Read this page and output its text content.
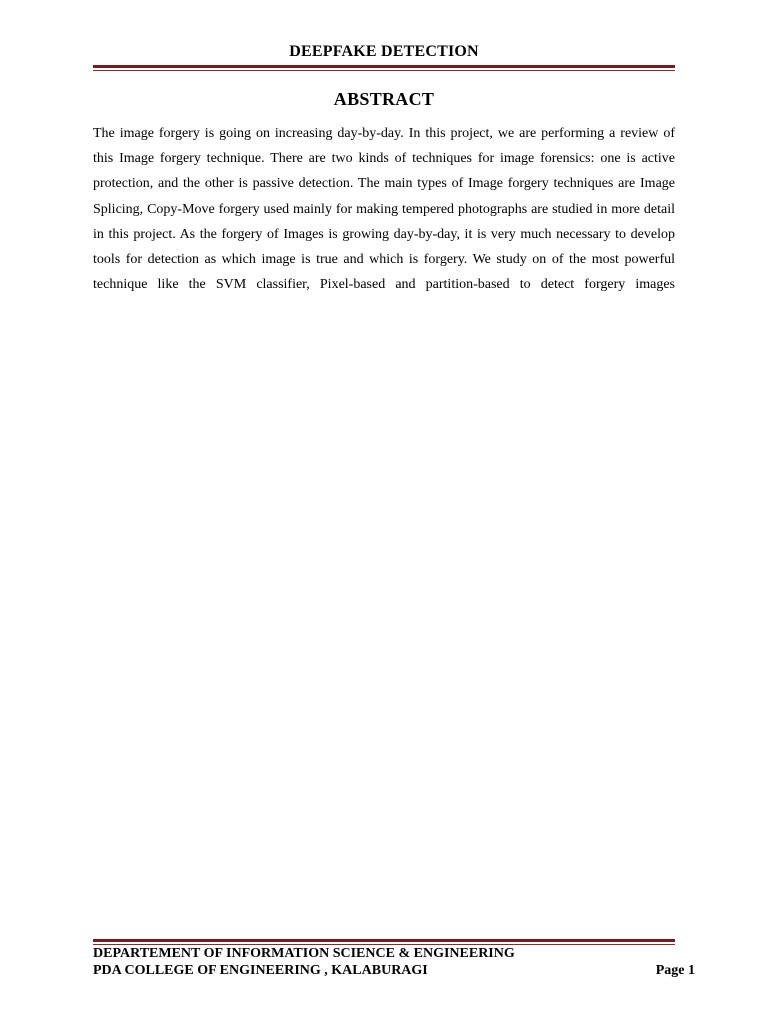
DEEPFAKE DETECTION
ABSTRACT

The image forgery is going on increasing day-by-day. In this project, we are performing a review of this Image forgery technique. There are two kinds of techniques for image forensics: one is active protection, and the other is passive detection. The main types of Image forgery techniques are Image Splicing, Copy-Move forgery used mainly for making tempered photographs are studied in more detail in this project. As the forgery of Images is growing day-by-day, it is very much necessary to develop tools for detection as which image is true and which is forgery. We study on of the most powerful technique like the SVM classifier, Pixel-based and partition-based to detect forgery images

DEPARTEMENT OF INFORMATION SCIENCE & ENGINEERING
PDA COLLEGE OF ENGINEERING , KALABURAGI	Page 1
